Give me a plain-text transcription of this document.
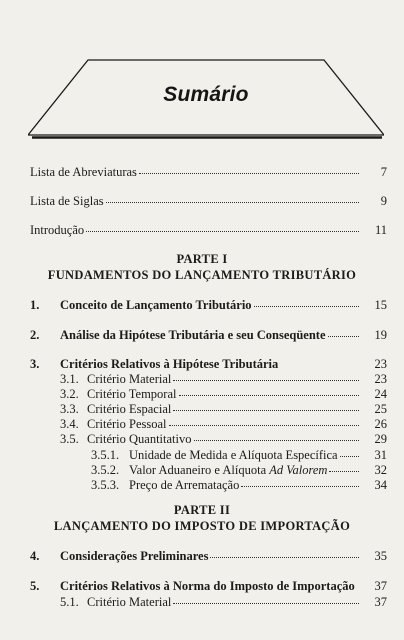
Sumário
Lista de Abreviaturas	7
Lista de Siglas	9
Introdução	11
PARTE I
FUNDAMENTOS DO LANÇAMENTO TRIBUTÁRIO
1.	Conceito de Lançamento Tributário	15
2.	Análise da Hipótese Tributária e seu Conseqüente	19
3.	Critérios Relativos à Hipótese Tributária	23
3.1. Critério Material	23
3.2. Critério Temporal	24
3.3. Critério Espacial	25
3.4. Critério Pessoal	26
3.5. Critério Quantitativo	29
3.5.1. Unidade de Medida e Alíquota Específica	31
3.5.2. Valor Aduaneiro e Alíquota Ad Valorem	32
3.5.3. Preço de Arrematação	34
PARTE II
LANÇAMENTO DO IMPOSTO DE IMPORTAÇÃO
4.	Considerações Preliminares	35
5.	Critérios Relativos à Norma do Imposto de Importação	37
5.1. Critério Material	37
